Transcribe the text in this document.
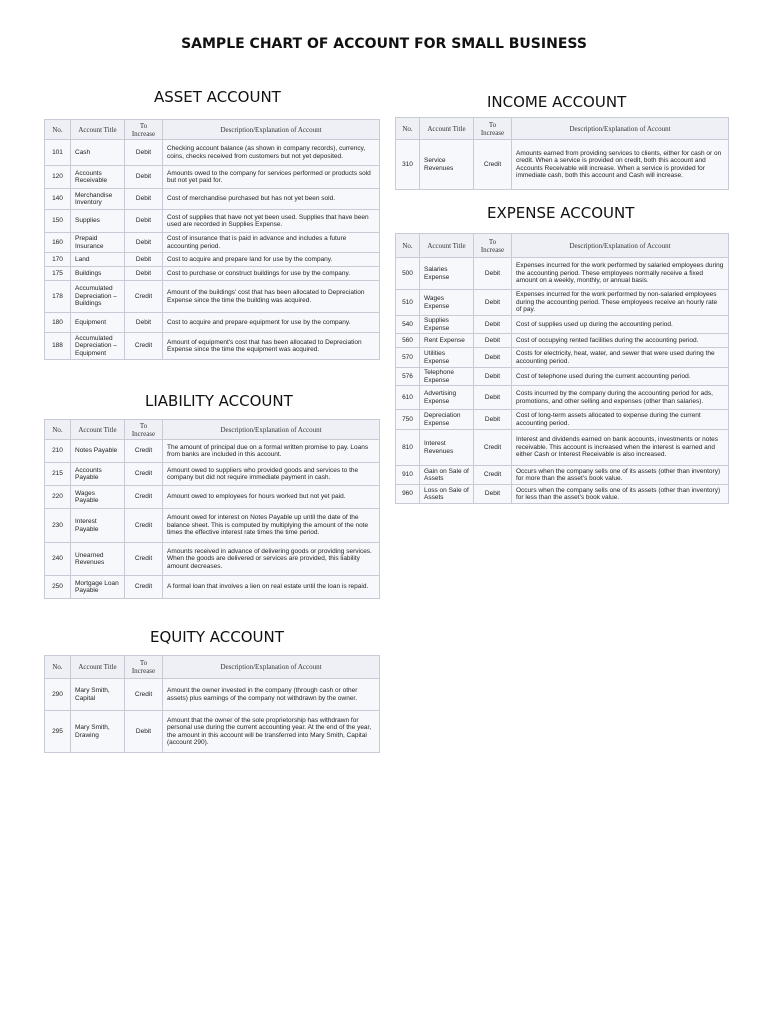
SAMPLE CHART OF ACCOUNT FOR SMALL BUSINESS
ASSET ACCOUNT
LIABILITY ACCOUNT
EQUITY ACCOUNT
INCOME ACCOUNT
EXPENSE ACCOUNT
No.	Account Title	To Increase	Description/Explanation of Account
101	Cash	Debit	Checking account balance (as shown in company records), currency, coins, checks received from customers but not yet deposited.
120	Accounts Receivable	Debit	Amounts owed to the company for services performed or products sold but not yet paid for.
140	Merchandise Inventory	Debit	Cost of merchandise purchased but has not yet been sold.
150	Supplies	Debit	Cost of supplies that have not yet been used. Supplies that have been used are recorded in Supplies Expense.
160	Prepaid Insurance	Debit	Cost of insurance that is paid in advance and includes a future accounting period.
170	Land	Debit	Cost to acquire and prepare land for use by the company.
175	Buildings	Debit	Cost to purchase or construct buildings for use by the company.
178	Accumulated Depreciation – Buildings	Credit	Amount of the buildings' cost that has been allocated to Depreciation Expense since the time the building was acquired.
180	Equipment	Debit	Cost to acquire and prepare equipment for use by the company.
188	Accumulated Depreciation – Equipment	Credit	Amount of equipment's cost that has been allocated to Depreciation Expense since the time the equipment was acquired.
No.	Account Title	To Increase	Description/Explanation of Account
210	Notes Payable	Credit	The amount of principal due on a formal written promise to pay. Loans from banks are included in this account.
215	Accounts Payable	Credit	Amount owed to suppliers who provided goods and services to the company but did not require immediate payment in cash.
220	Wages Payable	Credit	Amount owed to employees for hours worked but not yet paid.
230	Interest Payable	Credit	Amount owed for interest on Notes Payable up until the date of the balance sheet. This is computed by multiplying the amount of the note times the effective interest rate times the time period.
240	Unearned Revenues	Credit	Amounts received in advance of delivering goods or providing services. When the goods are delivered or services are provided, this liability amount decreases.
250	Mortgage Loan Payable	Credit	A formal loan that involves a lien on real estate until the loan is repaid.
No.	Account Title	To Increase	Description/Explanation of Account
290	Mary Smith, Capital	Credit	Amount the owner invested in the company (through cash or other assets) plus earnings of the company not withdrawn by the owner.
295	Mary Smith, Drawing	Debit	Amount that the owner of the sole proprietorship has withdrawn for personal use during the current accounting year. At the end of the year, the amount in this account will be transferred into Mary Smith, Capital (account 290).
No.	Account Title	To Increase	Description/Explanation of Account
310	Service Revenues	Credit	Amounts earned from providing services to clients, either for cash or on credit. When a service is provided on credit, both this account and Accounts Receivable will increase. When a service is provided for immediate cash, both this account and Cash will increase.
No.	Account Title	To Increase	Description/Explanation of Account
500	Salaries Expense	Debit	Expenses incurred for the work performed by salaried employees during the accounting period. These employees normally receive a fixed amount on a weekly, monthly, or annual basis.
510	Wages Expense	Debit	Expenses incurred for the work performed by non-salaried employees during the accounting period. These employees receive an hourly rate of pay.
540	Supplies Expense	Debit	Cost of supplies used up during the accounting period.
560	Rent Expense	Debit	Cost of occupying rented facilities during the accounting period.
570	Utilities Expense	Debit	Costs for electricity, heat, water, and sewer that were used during the accounting period.
576	Telephone Expense	Debit	Cost of telephone used during the current accounting period.
610	Advertising Expense	Debit	Costs incurred by the company during the accounting period for ads, promotions, and other selling and expenses (other than salaries).
750	Depreciation Expense	Debit	Cost of long-term assets allocated to expense during the current accounting period.
810	Interest Revenues	Credit	Interest and dividends earned on bank accounts, investments or notes receivable. This account is increased when the interest is earned and either Cash or Interest Receivable is also increased.
910	Gain on Sale of Assets	Credit	Occurs when the company sells one of its assets (other than inventory) for more than the asset's book value.
960	Loss on Sale of Assets	Debit	Occurs when the company sells one of its assets (other than inventory) for less than the asset's book value.
